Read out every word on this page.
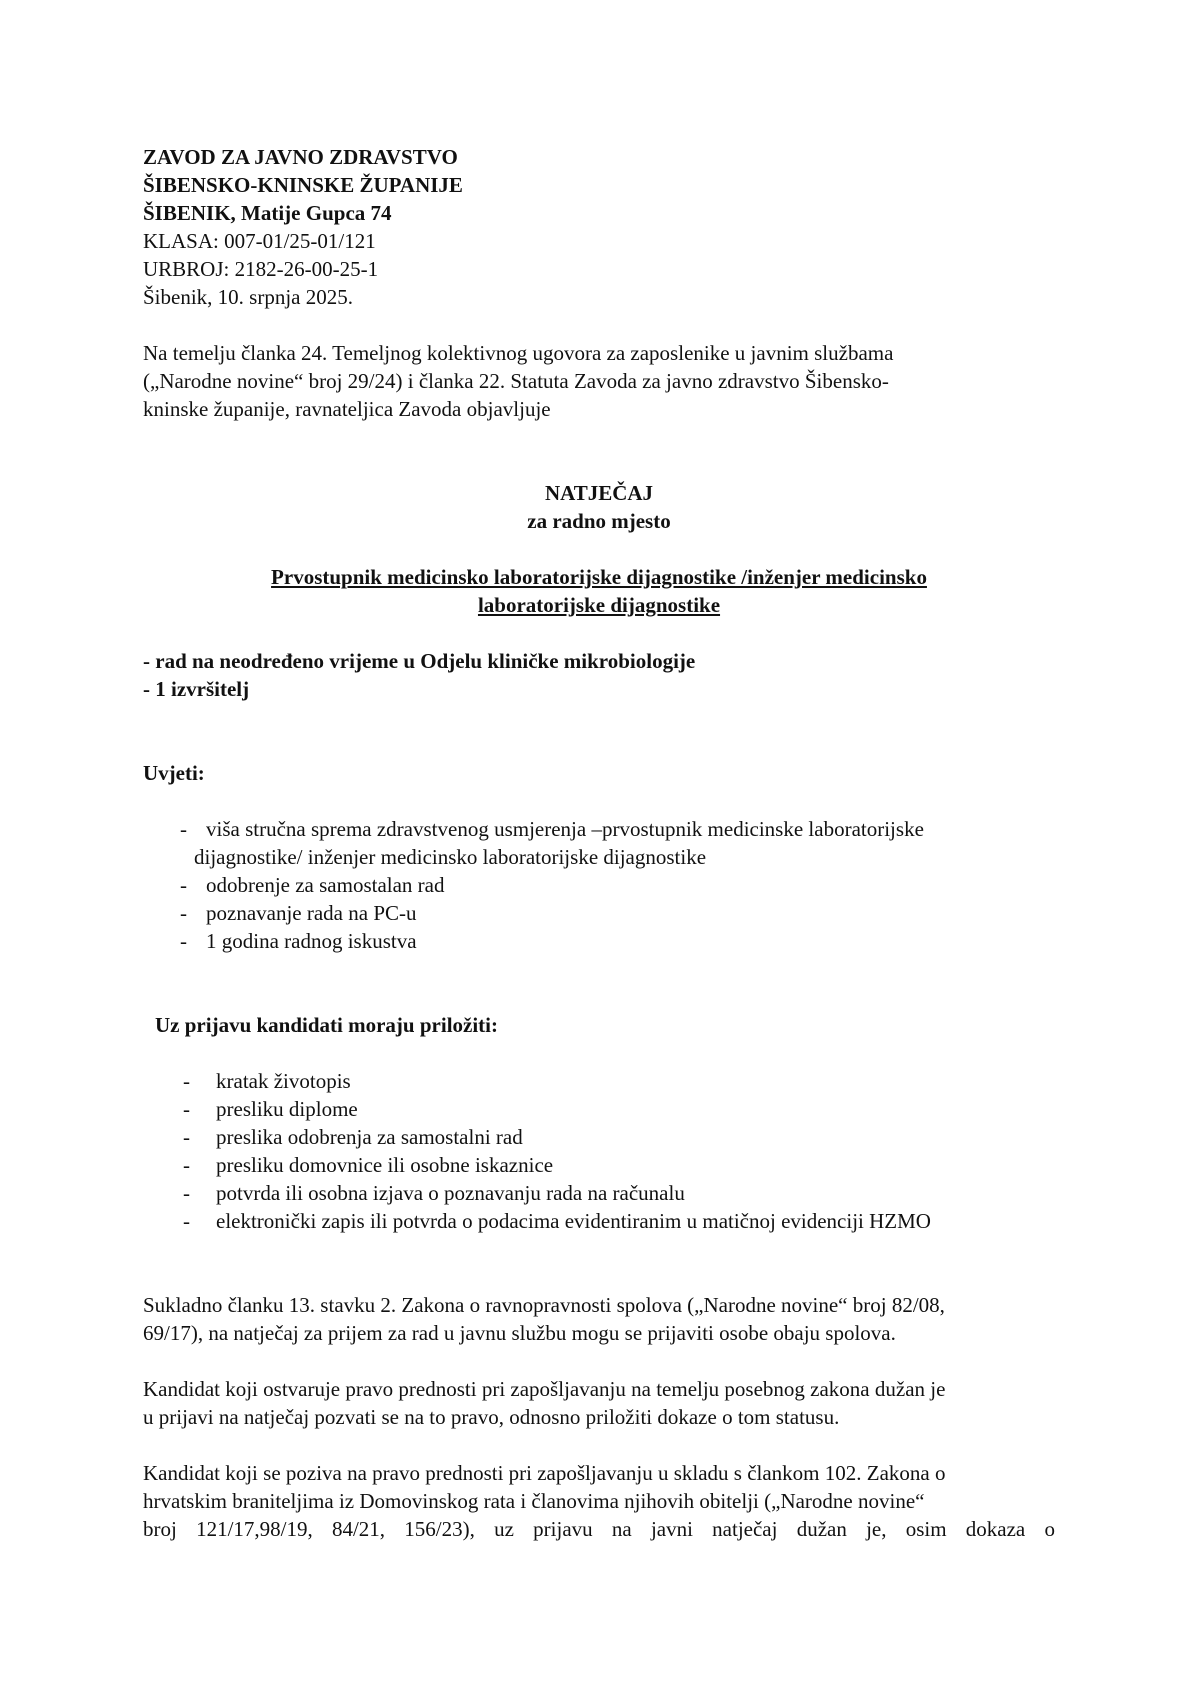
ZAVOD ZA JAVNO ZDRAVSTVO
ŠIBENSKO-KNINSKE ŽUPANIJE
ŠIBENIK, Matije Gupca 74
KLASA: 007-01/25-01/121
URBROJ: 2182-26-00-25-1
Šibenik, 10. srpnja 2025.
Na temelju članka 24. Temeljnog kolektivnog ugovora za zaposlenike u javnim službama
(„Narodne novine“ broj 29/24) i članka 22. Statuta Zavoda za javno zdravstvo Šibensko-
kninske županije, ravnateljica Zavoda objavljuje
NATJEČAJ
za radno mjesto
Prvostupnik medicinsko laboratorijske dijagnostike /inženjer medicinsko
laboratorijske dijagnostike
- rad na neodređeno vrijeme u Odjelu kliničke mikrobiologije
- 1 izvršitelj
Uvjeti:
- viša stručna sprema zdravstvenog usmjerenja –prvostupnik medicinske laboratorijske
dijagnostike/ inženjer medicinsko laboratorijske dijagnostike
- odobrenje za samostalan rad
- poznavanje rada na PC-u
- 1 godina radnog iskustva
Uz prijavu kandidati moraju priložiti:
- kratak životopis
- presliku diplome
- preslika odobrenja za samostalni rad
- presliku domovnice ili osobne iskaznice
- potvrda ili osobna izjava o poznavanju rada na računalu
- elektronički zapis ili potvrda o podacima evidentiranim u matičnoj evidenciji HZMO
Sukladno članku 13. stavku 2. Zakona o ravnopravnosti spolova („Narodne novine“ broj 82/08,
69/17), na natječaj za prijem za rad u javnu službu mogu se prijaviti osobe obaju spolova.
Kandidat koji ostvaruje pravo prednosti pri zapošljavanju na temelju posebnog zakona dužan je
u prijavi na natječaj pozvati se na to pravo, odnosno priložiti dokaze o tom statusu.
Kandidat koji se poziva na pravo prednosti pri zapošljavanju u skladu s člankom 102. Zakona o
hrvatskim braniteljima iz Domovinskog rata i članovima njihovih obitelji („Narodne novine“
broj 121/17,98/19, 84/21, 156/23), uz prijavu na javni natječaj dužan je, osim dokaza o
